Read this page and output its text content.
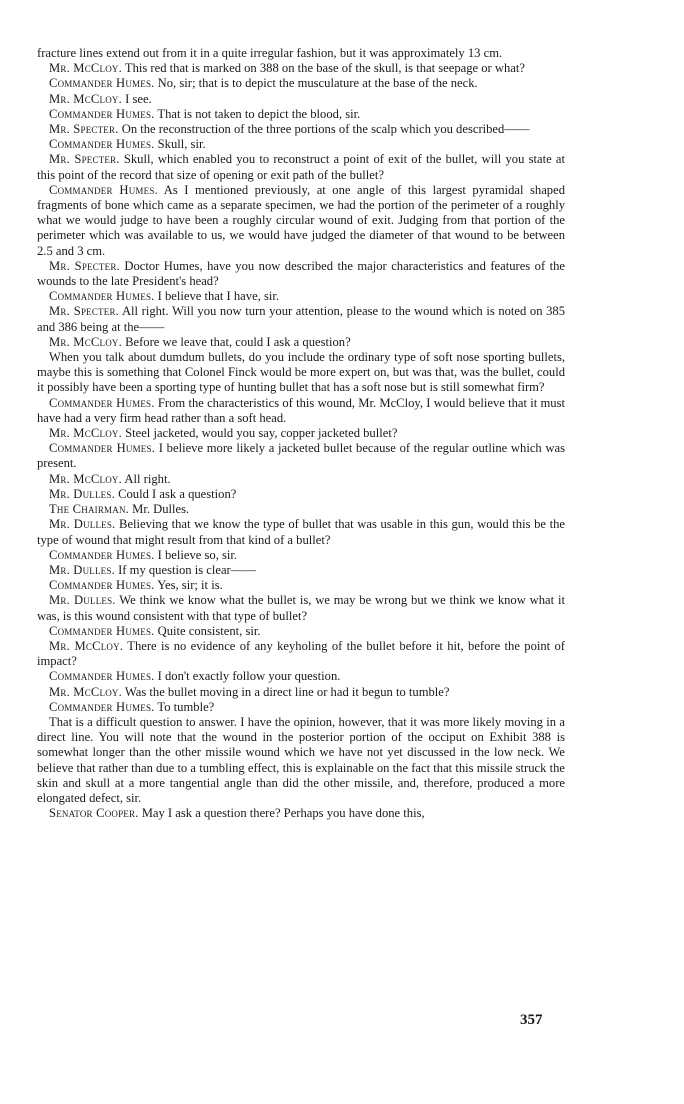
fracture lines extend out from it in a quite irregular fashion, but it was approximately 13 cm.

Mr. McCloy. This red that is marked on 388 on the base of the skull, is that seepage or what?

Commander Humes. No, sir; that is to depict the musculature at the base of the neck.

Mr. McCloy. I see.

Commander Humes. That is not taken to depict the blood, sir.

Mr. Specter. On the reconstruction of the three portions of the scalp which you described——

Commander Humes. Skull, sir.

Mr. Specter. Skull, which enabled you to reconstruct a point of exit of the bullet, will you state at this point of the record that size of opening or exit path of the bullet?

Commander Humes. As I mentioned previously, at one angle of this largest pyramidal shaped fragments of bone which came as a separate specimen, we had the portion of the perimeter of a roughly what we would judge to have been a roughly circular wound of exit. Judging from that portion of the perimeter which was available to us, we would have judged the diameter of that wound to be between 2.5 and 3 cm.

Mr. Specter. Doctor Humes, have you now described the major characteristics and features of the wounds to the late President's head?

Commander Humes. I believe that I have, sir.

Mr. Specter. All right. Will you now turn your attention, please to the wound which is noted on 385 and 386 being at the——

Mr. McCloy. Before we leave that, could I ask a question?

When you talk about dumdum bullets, do you include the ordinary type of soft nose sporting bullets, maybe this is something that Colonel Finck would be more expert on, but was that, was the bullet, could it possibly have been a sporting type of hunting bullet that has a soft nose but is still somewhat firm?

Commander Humes. From the characteristics of this wound, Mr. McCloy, I would believe that it must have had a very firm head rather than a soft head.

Mr. McCloy. Steel jacketed, would you say, copper jacketed bullet?

Commander Humes. I believe more likely a jacketed bullet because of the regular outline which was present.

Mr. McCloy. All right.

Mr. Dulles. Could I ask a question?

The Chairman. Mr. Dulles.

Mr. Dulles. Believing that we know the type of bullet that was usable in this gun, would this be the type of wound that might result from that kind of a bullet?

Commander Humes. I believe so, sir.

Mr. Dulles. If my question is clear——

Commander Humes. Yes, sir; it is.

Mr. Dulles. We think we know what the bullet is, we may be wrong but we think we know what it was, is this wound consistent with that type of bullet?

Commander Humes. Quite consistent, sir.

Mr. McCloy. There is no evidence of any keyholing of the bullet before it hit, before the point of impact?

Commander Humes. I don't exactly follow your question.

Mr. McCloy. Was the bullet moving in a direct line or had it begun to tumble?

Commander Humes. To tumble?

That is a difficult question to answer. I have the opinion, however, that it was more likely moving in a direct line. You will note that the wound in the posterior portion of the occiput on Exhibit 388 is somewhat longer than the other missile wound which we have not yet discussed in the low neck. We believe that rather than due to a tumbling effect, this is explainable on the fact that this missile struck the skin and skull at a more tangential angle than did the other missile, and, therefore, produced a more elongated defect, sir.

Senator Cooper. May I ask a question there? Perhaps you have done this,

357
